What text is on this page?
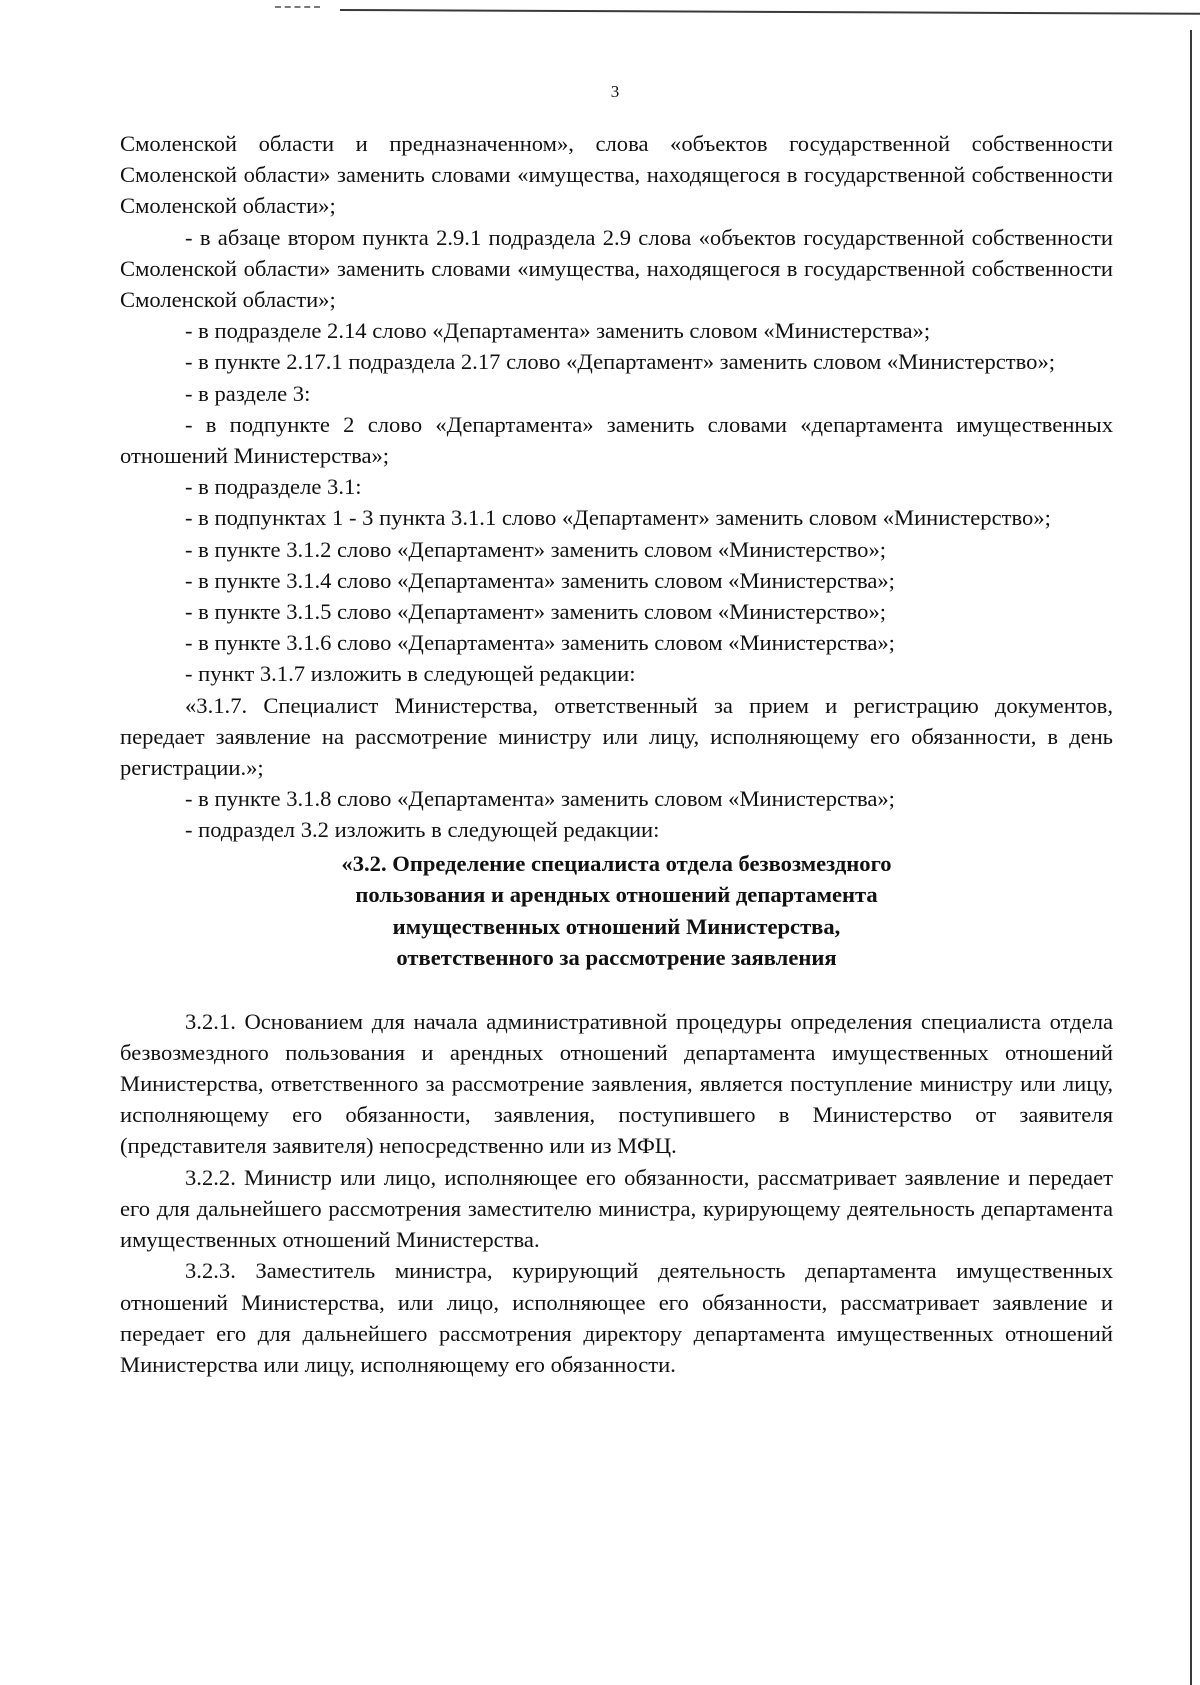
3

Смоленской области и предназначенном», слова «объектов государственной собственности Смоленской области» заменить словами «имущества, находящегося в государственной собственности Смоленской области»;

- в абзаце втором пункта 2.9.1 подраздела 2.9 слова «объектов государственной собственности Смоленской области» заменить словами «имущества, находящегося в государственной собственности Смоленской области»;

- в подразделе 2.14 слово «Департамента» заменить словом «Министерства»;

- в пункте 2.17.1 подраздела 2.17 слово «Департамент» заменить словом «Министерство»;

- в разделе 3:

- в подпункте 2 слово «Департамента» заменить словами «департамента имущественных отношений Министерства»;

- в подразделе 3.1:

- в подпунктах 1 - 3 пункта 3.1.1 слово «Департамент» заменить словом «Министерство»;

- в пункте 3.1.2 слово «Департамент» заменить словом «Министерство»;

- в пункте 3.1.4 слово «Департамента» заменить словом «Министерства»;

- в пункте 3.1.5 слово «Департамент» заменить словом «Министерство»;

- в пункте 3.1.6 слово «Департамента» заменить словом «Министерства»;

- пункт 3.1.7 изложить в следующей редакции:

«3.1.7. Специалист Министерства, ответственный за прием и регистрацию документов, передает заявление на рассмотрение министру или лицу, исполняющему его обязанности, в день регистрации.»;

- в пункте 3.1.8 слово «Департамента» заменить словом «Министерства»;

- подраздел 3.2 изложить в следующей редакции:

«3.2. Определение специалиста отдела безвозмездного
пользования и арендных отношений департамента
имущественных отношений Министерства,
ответственного за рассмотрение заявления

3.2.1. Основанием для начала административной процедуры определения специалиста отдела безвозмездного пользования и арендных отношений департамента имущественных отношений Министерства, ответственного за рассмотрение заявления, является поступление министру или лицу, исполняющему его обязанности, заявления, поступившего в Министерство от заявителя (представителя заявителя) непосредственно или из МФЦ.

3.2.2. Министр или лицо, исполняющее его обязанности, рассматривает заявление и передает его для дальнейшего рассмотрения заместителю министра, курирующему деятельность департамента имущественных отношений Министерства.

3.2.3. Заместитель министра, курирующий деятельность департамента имущественных отношений Министерства, или лицо, исполняющее его обязанности, рассматривает заявление и передает его для дальнейшего рассмотрения директору департамента имущественных отношений Министерства или лицу, исполняющему его обязанности.
